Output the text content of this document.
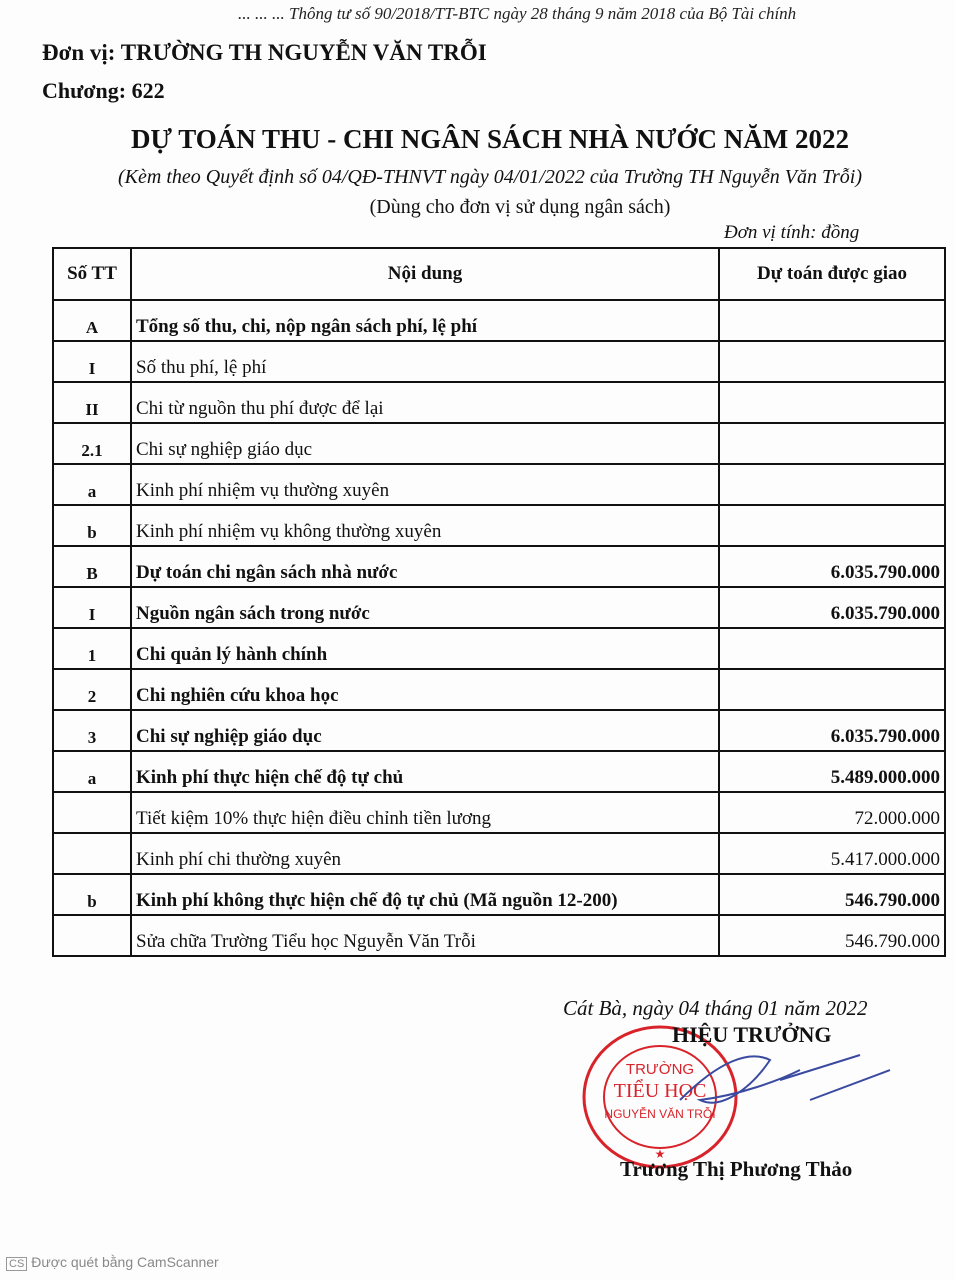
... ... ... Thông tư số 90/2018/TT-BTC ngày 28 tháng 9 năm 2018 của Bộ Tài chính
Đơn vị: TRƯỜNG TH NGUYỄN VĂN TRỖI
Chương: 622
DỰ TOÁN THU - CHI NGÂN SÁCH NHÀ NƯỚC NĂM 2022
(Kèm theo Quyết định số 04/QĐ-THNVT ngày 04/01/2022 của Trường TH Nguyễn Văn Trỗi)
(Dùng cho đơn vị sử dụng ngân sách)
Đơn vị tính: đồng
Số TT	Nội dung	Dự toán được giao
A	Tổng số thu, chi, nộp ngân sách phí, lệ phí	
I	Số thu phí, lệ phí	
II	Chi từ nguồn thu phí được để lại	
2.1	Chi sự nghiệp giáo dục	
a	Kinh phí nhiệm vụ thường xuyên	
b	Kinh phí nhiệm vụ không thường xuyên	
B	Dự toán chi ngân sách nhà nước	6.035.790.000
I	Nguồn ngân sách trong nước	6.035.790.000
1	Chi quản lý hành chính	
2	Chi nghiên cứu khoa học	
3	Chi sự nghiệp giáo dục	6.035.790.000
a	Kinh phí thực hiện chế độ tự chủ	5.489.000.000
	Tiết kiệm 10% thực hiện điều chỉnh tiền lương	72.000.000
	Kinh phí chi thường xuyên	5.417.000.000
b	Kinh phí không thực hiện chế độ tự chủ (Mã nguồn 12-200)	546.790.000
	Sửa chữa Trường Tiểu học Nguyễn Văn Trỗi	546.790.000
Cát Bà, ngày 04 tháng 01 năm 2022
TRƯỜNG
TIỂU HỌC
NGUYỄN VĂN TRỖI
★
HIỆU TRƯỞNG
Trương Thị Phương Thảo
CS Được quét bằng CamScanner
